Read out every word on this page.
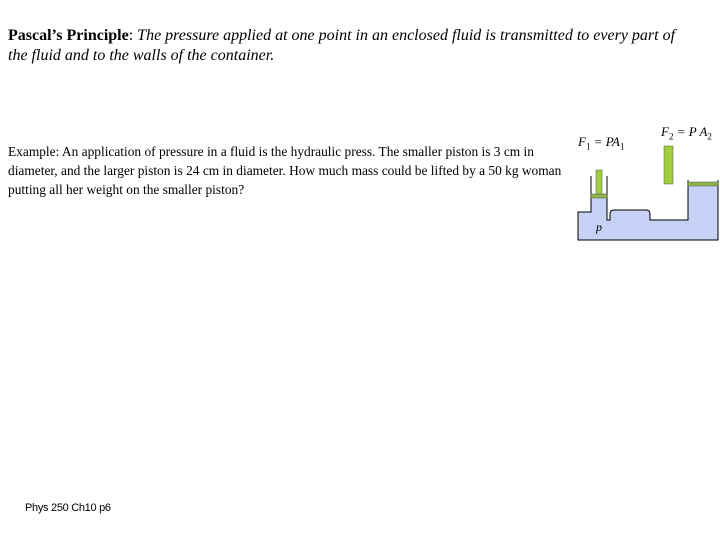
Pascal’s Principle: The pressure applied at one point in an enclosed fluid is transmitted to every part of the fluid and to the walls of the container.
Example: An application of pressure in a fluid is the hydraulic press. The smaller piston is 3 cm in diameter, and the larger piston is 24 cm in diameter. How much mass could be lifted by a 50 kg woman putting all her weight on the smaller piston?
$F_1 = PA_1$
$F_2 = P$ $A_2$
p
Phys 250 Ch10 p6
